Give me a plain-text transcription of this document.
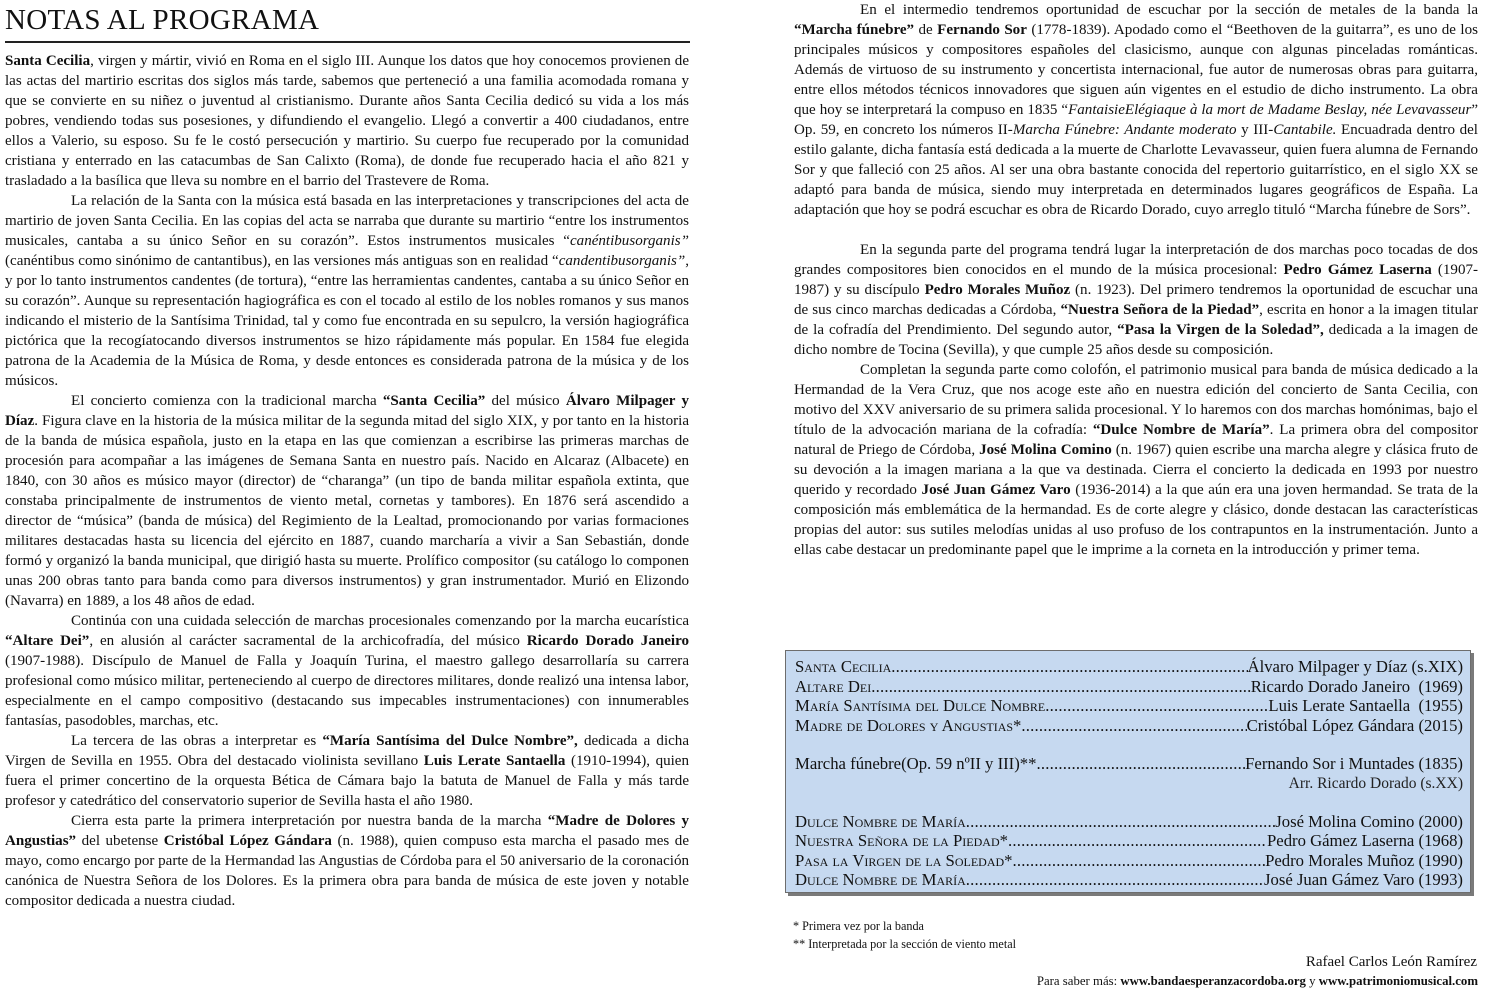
NOTAS AL PROGRAMA

Santa Cecilia, virgen y mártir, vivió en Roma en el siglo III. Aunque los datos que hoy conocemos provienen de las actas del martirio escritas dos siglos más tarde, sabemos que perteneció a una familia acomodada romana y que se convierte en su niñez o juventud al cristianismo. Durante años Santa Cecilia dedicó su vida a los más pobres, vendiendo todas sus posesiones, y difundiendo el evangelio. Llegó a convertir a 400 ciudadanos, entre ellos a Valerio, su esposo. Su fe le costó persecución y martirio. Su cuerpo fue recuperado por la comunidad cristiana y enterrado en las catacumbas de San Calixto (Roma), de donde fue recuperado hacia el año 821 y trasladado a la basílica que lleva su nombre en el barrio del Trastevere de Roma.

La relación de la Santa con la música está basada en las interpretaciones y transcripciones del acta de martirio de joven Santa Cecilia. En las copias del acta se narraba que durante su martirio “entre los instrumentos musicales, cantaba a su único Señor en su corazón”. Estos instrumentos musicales “canéntibusorganis” (canéntibus como sinónimo de cantantibus), en las versiones más antiguas son en realidad “candentibusorganis”, y por lo tanto instrumentos candentes (de tortura), “entre las herramientas candentes, cantaba a su único Señor en su corazón”. Aunque su representación hagiográfica es con el tocado al estilo de los nobles romanos y sus manos indicando el misterio de la Santísima Trinidad, tal y como fue encontrada en su sepulcro, la versión hagiográfica pictórica que la recogíatocando diversos instrumentos se hizo rápidamente más popular. En 1584 fue elegida patrona de la Academia de la Música de Roma, y desde entonces es considerada patrona de la música y de los músicos.

El concierto comienza con la tradicional marcha “Santa Cecilia” del músico Álvaro Milpager y Díaz. Figura clave en la historia de la música militar de la segunda mitad del siglo XIX, y por tanto en la historia de la banda de música española, justo en la etapa en las que comienzan a escribirse las primeras marchas de procesión para acompañar a las imágenes de Semana Santa en nuestro país. Nacido en Alcaraz (Albacete) en 1840, con 30 años es músico mayor (director) de “charanga” (un tipo de banda militar española extinta, que constaba principalmente de instrumentos de viento metal, cornetas y tambores). En 1876 será ascendido a director de “música” (banda de música) del Regimiento de la Lealtad, promocionando por varias formaciones militares destacadas hasta su licencia del ejército en 1887, cuando marcharía a vivir a San Sebastián, donde formó y organizó la banda municipal, que dirigió hasta su muerte. Prolífico compositor (su catálogo lo componen unas 200 obras tanto para banda como para diversos instrumentos) y gran instrumentador. Murió en Elizondo (Navarra) en 1889, a los 48 años de edad.

Continúa con una cuidada selección de marchas procesionales comenzando por la marcha eucarística “Altare Dei”, en alusión al carácter sacramental de la archicofradía, del músico Ricardo Dorado Janeiro (1907-1988). Discípulo de Manuel de Falla y Joaquín Turina, el maestro gallego desarrollaría su carrera profesional como músico militar, perteneciendo al cuerpo de directores militares, donde realizó una intensa labor, especialmente en el campo compositivo (destacando sus impecables instrumentaciones) con innumerables fantasías, pasodobles, marchas, etc.

La tercera de las obras a interpretar es “María Santísima del Dulce Nombre”, dedicada a dicha Virgen de Sevilla en 1955. Obra del destacado violinista sevillano Luis Lerate Santaella (1910-1994), quien fuera el primer concertino de la orquesta Bética de Cámara bajo la batuta de Manuel de Falla y más tarde profesor y catedrático del conservatorio superior de Sevilla hasta el año 1980.

Cierra esta parte la primera interpretación por nuestra banda de la marcha “Madre de Dolores y Angustias” del ubetense Cristóbal López Gándara (n. 1988), quien compuso esta marcha el pasado mes de mayo, como encargo por parte de la Hermandad las Angustias de Córdoba para el 50 aniversario de la coronación canónica de Nuestra Señora de los Dolores. Es la primera obra para banda de música de este joven y notable compositor dedicada a nuestra ciudad.

En el intermedio tendremos oportunidad de escuchar por la sección de metales de la banda la “Marcha fúnebre” de Fernando Sor (1778-1839). Apodado como el “Beethoven de la guitarra”, es uno de los principales músicos y compositores españoles del clasicismo, aunque con algunas pinceladas románticas. Además de virtuoso de su instrumento y concertista internacional, fue autor de numerosas obras para guitarra, entre ellos métodos técnicos innovadores que siguen aún vigentes en el estudio de dicho instrumento. La obra que hoy se interpretará la compuso en 1835 “FantaisieElégiaque à la mort de Madame Beslay, née Levavasseur” Op. 59, en concreto los números II-Marcha Fúnebre: Andante moderato y III-Cantabile. Encuadrada dentro del estilo galante, dicha fantasía está dedicada a la muerte de Charlotte Levavasseur, quien fuera alumna de Fernando Sor y que falleció con 25 años. Al ser una obra bastante conocida del repertorio guitarrístico, en el siglo XX se adaptó para banda de música, siendo muy interpretada en determinados lugares geográficos de España. La adaptación que hoy se podrá escuchar es obra de Ricardo Dorado, cuyo arreglo tituló “Marcha fúnebre de Sors”.

En la segunda parte del programa tendrá lugar la interpretación de dos marchas poco tocadas de dos grandes compositores bien conocidos en el mundo de la música procesional: Pedro Gámez Laserna (1907-1987) y su discípulo Pedro Morales Muñoz (n. 1923). Del primero tendremos la oportunidad de escuchar una de sus cinco marchas dedicadas a Córdoba, “Nuestra Señora de la Piedad”, escrita en honor a la imagen titular de la cofradía del Prendimiento. Del segundo autor, “Pasa la Virgen de la Soledad”, dedicada a la imagen de dicho nombre de Tocina (Sevilla), y que cumple 25 años desde su composición.

Completan la segunda parte como colofón, el patrimonio musical para banda de música dedicado a la Hermandad de la Vera Cruz, que nos acoge este año en nuestra edición del concierto de Santa Cecilia, con motivo del XXV aniversario de su primera salida procesional. Y lo haremos con dos marchas homónimas, bajo el título de la advocación mariana de la cofradía: “Dulce Nombre de María”. La primera obra del compositor natural de Priego de Córdoba, José Molina Comino (n. 1967) quien escribe una marcha alegre y clásica fruto de su devoción a la imagen mariana a la que va destinada. Cierra el concierto la dedicada en 1993 por nuestro querido y recordado José Juan Gámez Varo (1936-2014) a la que aún era una joven hermandad. Se trata de la composición más emblemática de la hermandad. Es de corte alegre y clásico, donde destacan las características propias del autor: sus sutiles melodías unidas al uso profuso de los contrapuntos en la instrumentación. Junto a ellas cabe destacar un predominante papel que le imprime a la corneta en la introducción y primer tema.

Santa Cecilia .....	Álvaro Milpager y Díaz (s.XIX)
Altare Dei .....	Ricardo Dorado Janeiro  (1969)
María Santísima del Dulce Nombre .....	Luis Lerate Santaella  (1955)
Madre de Dolores y Angustias* .....	Cristóbal López Gándara (2015)
Marcha fúnebre(Op. 59 nºII y III)** .....	Fernando Sor i Muntades (1835)
Arr. Ricardo Dorado (s.XX)
Dulce Nombre de María .....	José Molina Comino (2000)
Nuestra Señora de la Piedad* .....	Pedro Gámez Laserna (1968)
Pasa la Virgen de la Soledad* .....	Pedro Morales Muñoz (1990)
Dulce Nombre de María .....	José Juan Gámez Varo (1993)
* Primera vez por la banda
** Interpretada por la sección de viento metal
Rafael Carlos León Ramírez
Para saber más: www.bandaesperanzacordoba.org y www.patrimoniomusical.com
